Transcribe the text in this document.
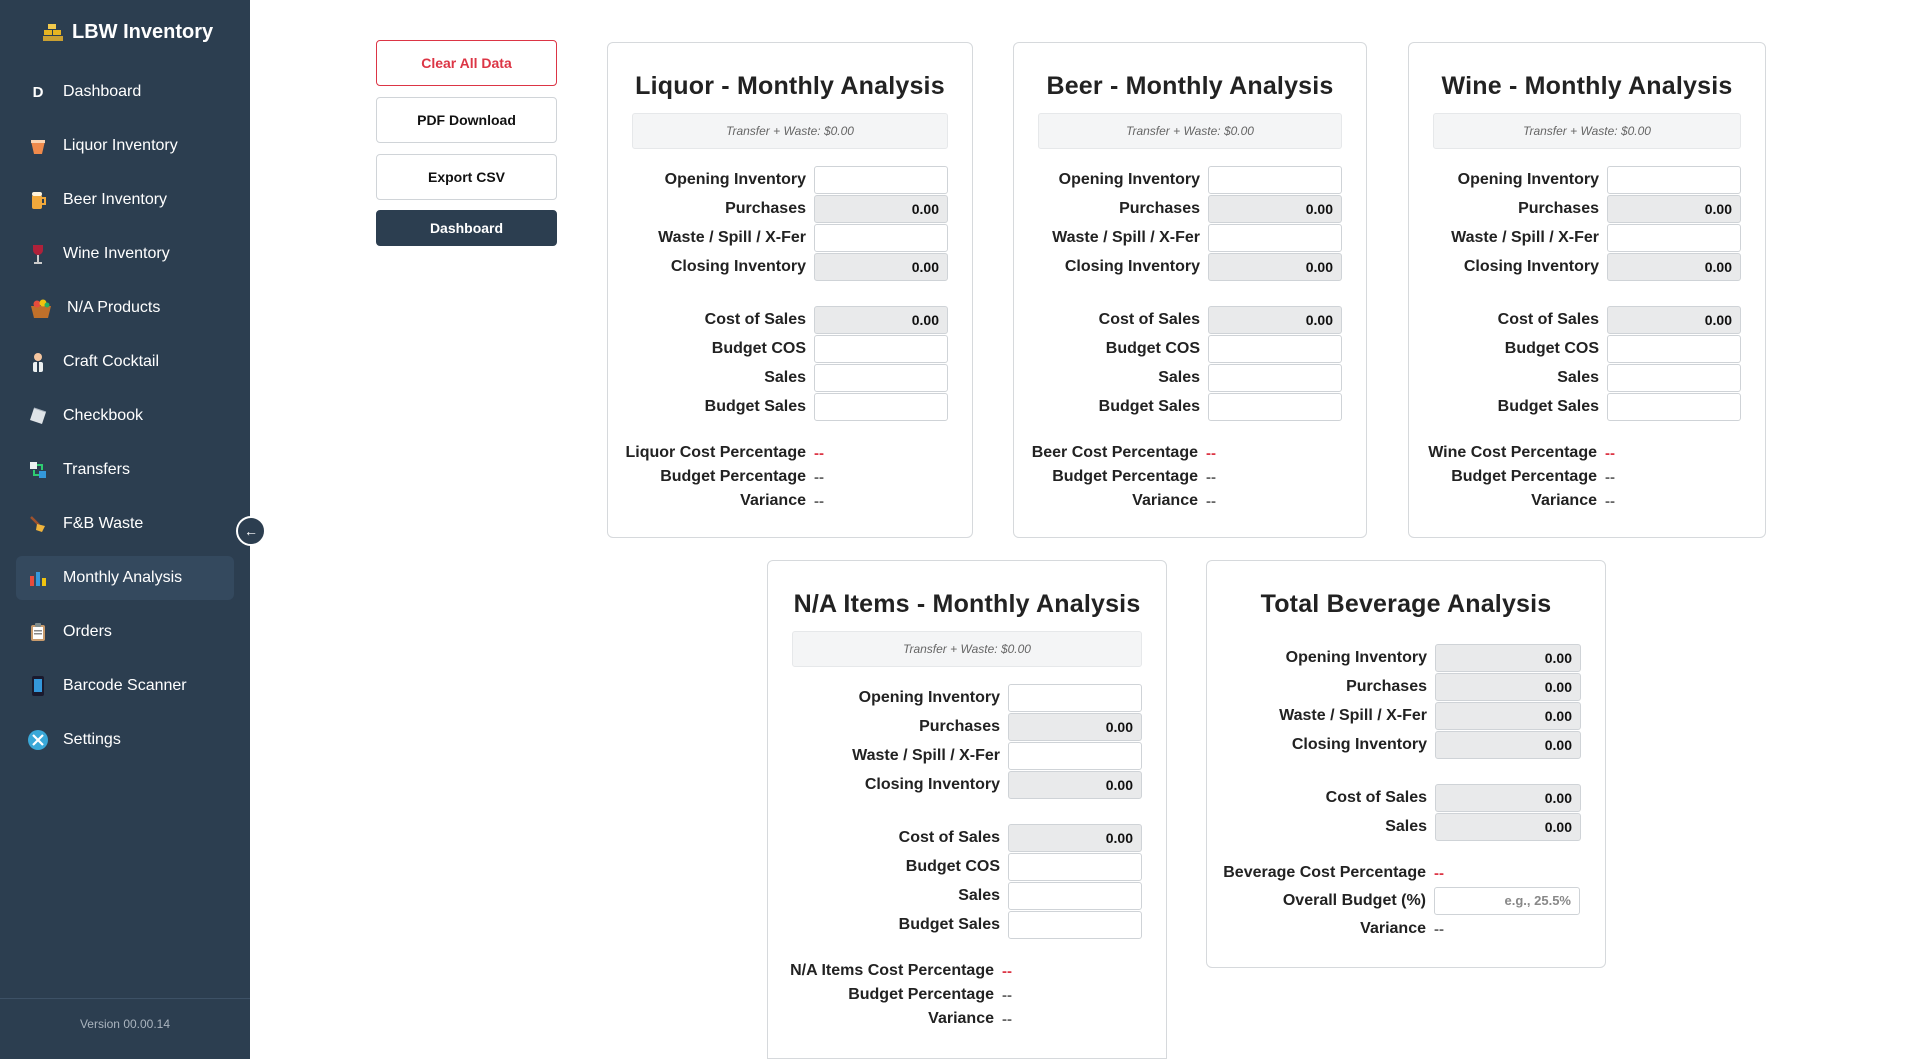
LBW Inventory
D	Dashboard
Liquor Inventory
Beer Inventory
Wine Inventory
N/A Products
Craft Cocktail
Checkbook
Transfers
F&B Waste
Monthly Analysis
Orders
Barcode Scanner
Settings
Version 00.00.14
←
Clear All Data
PDF Download
Export CSV
Dashboard
Liquor - Monthly Analysis
Transfer + Waste: $0.00
Opening Inventory
Purchases	0.00
Waste / Spill / X-Fer
Closing Inventory	0.00
Cost of Sales	0.00
Budget COS
Sales
Budget Sales
Liquor Cost Percentage --
Budget Percentage --
Variance --
Beer - Monthly Analysis
Transfer + Waste: $0.00
Opening Inventory
Purchases	0.00
Waste / Spill / X-Fer
Closing Inventory	0.00
Cost of Sales	0.00
Budget COS
Sales
Budget Sales
Beer Cost Percentage --
Budget Percentage --
Variance --
Wine - Monthly Analysis
Transfer + Waste: $0.00
Opening Inventory
Purchases	0.00
Waste / Spill / X-Fer
Closing Inventory	0.00
Cost of Sales	0.00
Budget COS
Sales
Budget Sales
Wine Cost Percentage --
Budget Percentage --
Variance --
N/A Items - Monthly Analysis
Transfer + Waste: $0.00
Opening Inventory
Purchases	0.00
Waste / Spill / X-Fer
Closing Inventory	0.00
Cost of Sales	0.00
Budget COS
Sales
Budget Sales
N/A Items Cost Percentage --
Budget Percentage --
Variance --
Total Beverage Analysis
Opening Inventory	0.00
Purchases	0.00
Waste / Spill / X-Fer	0.00
Closing Inventory	0.00
Cost of Sales	0.00
Sales	0.00
Beverage Cost Percentage --
Overall Budget (%)	e.g., 25.5%
Variance --
